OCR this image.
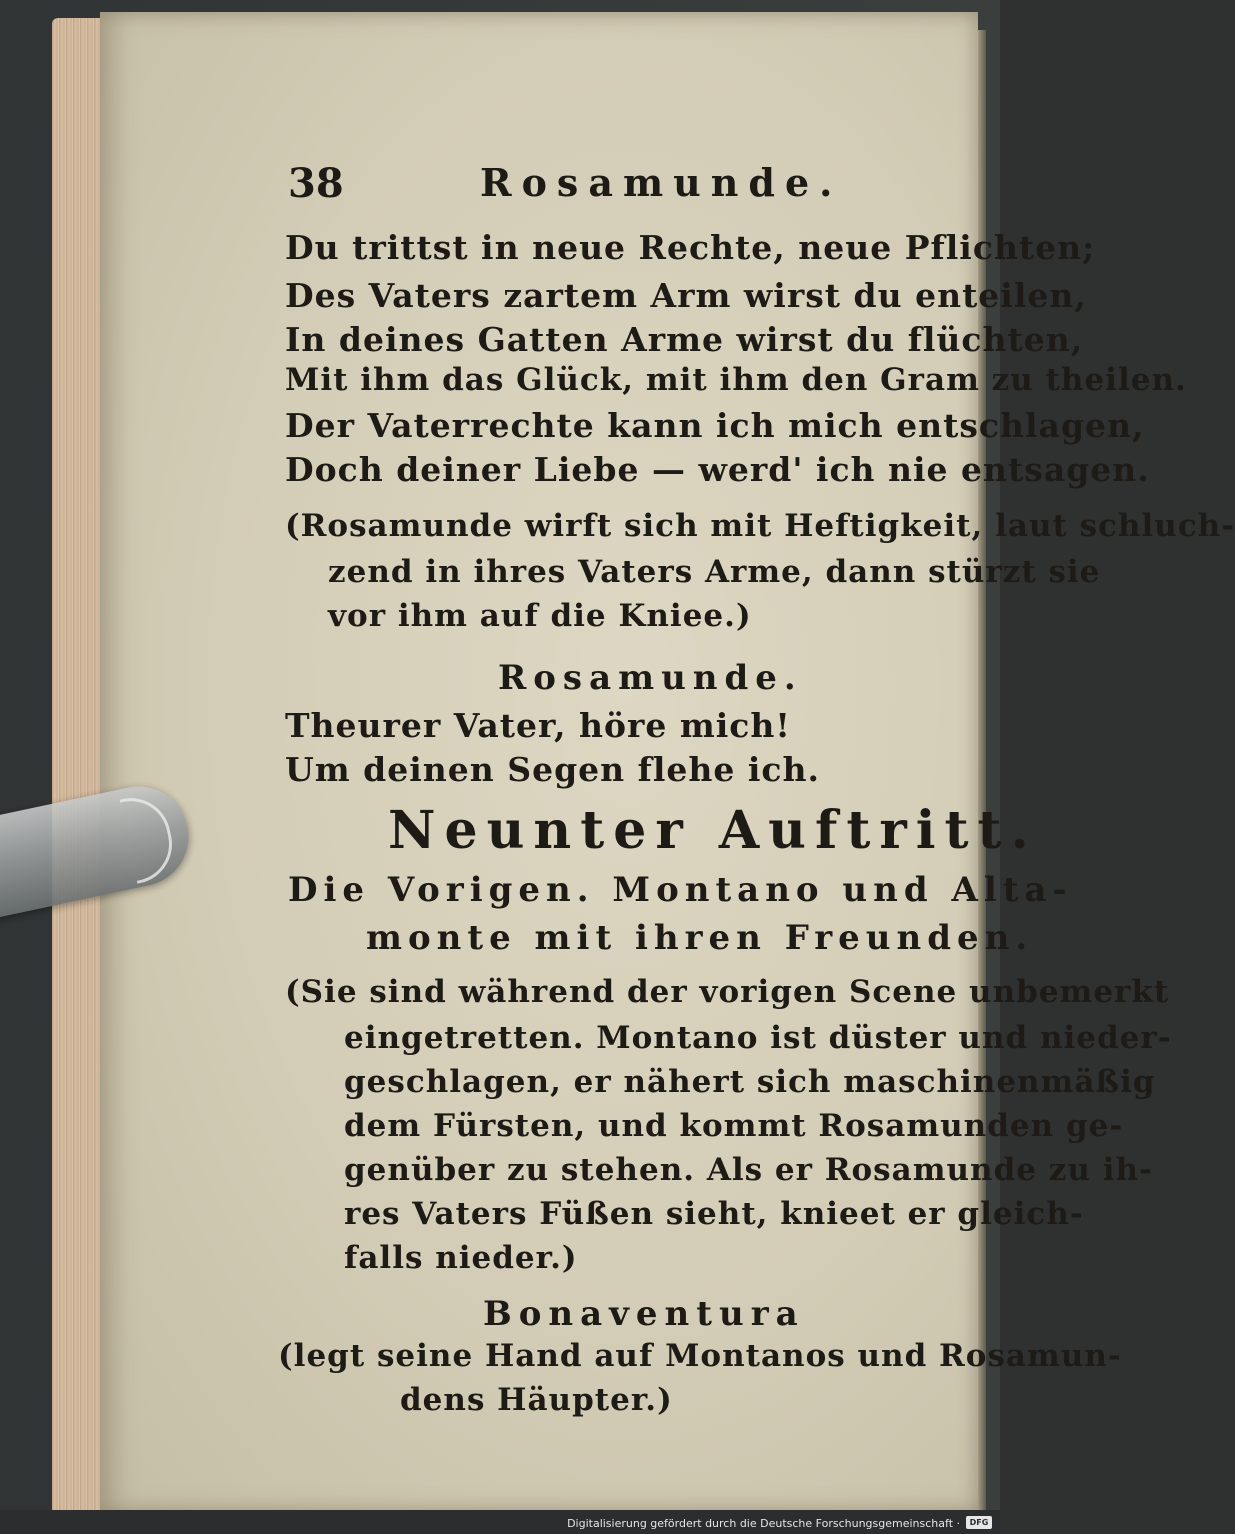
38	Rosamunde.
Du trittst in neue Rechte, neue Pflichten;
Des Vaters zartem Arm wirst du enteilen,
In deines Gatten Arme wirst du flüchten,
Mit ihm das Glück, mit ihm den Gram zu theilen.
Der Vaterrechte kann ich mich entschlagen,
Doch deiner Liebe — werd' ich nie entsagen.
(Rosamunde wirft sich mit Heftigkeit, laut schluch-
zend in ihres Vaters Arme, dann stürzt sie
vor ihm auf die Kniee.)
Rosamunde.
Theurer Vater, höre mich!
Um deinen Segen flehe ich.
Neunter Auftritt.
Die Vorigen. Montano und Alta-
monte mit ihren Freunden.
(Sie sind während der vorigen Scene unbemerkt
eingetretten. Montano ist düster und nieder-
geschlagen, er nähert sich maschinenmäßig
dem Fürsten, und kommt Rosamunden ge-
genüber zu stehen. Als er Rosamunde zu ih-
res Vaters Füßen sieht, knieet er gleich-
falls nieder.)
Bonaventura
(legt seine Hand auf Montanos und Rosamun-
dens Häupter.)
Digitalisierung gefördert durch die Deutsche Forschungsgemeinschaft ·	DFG
